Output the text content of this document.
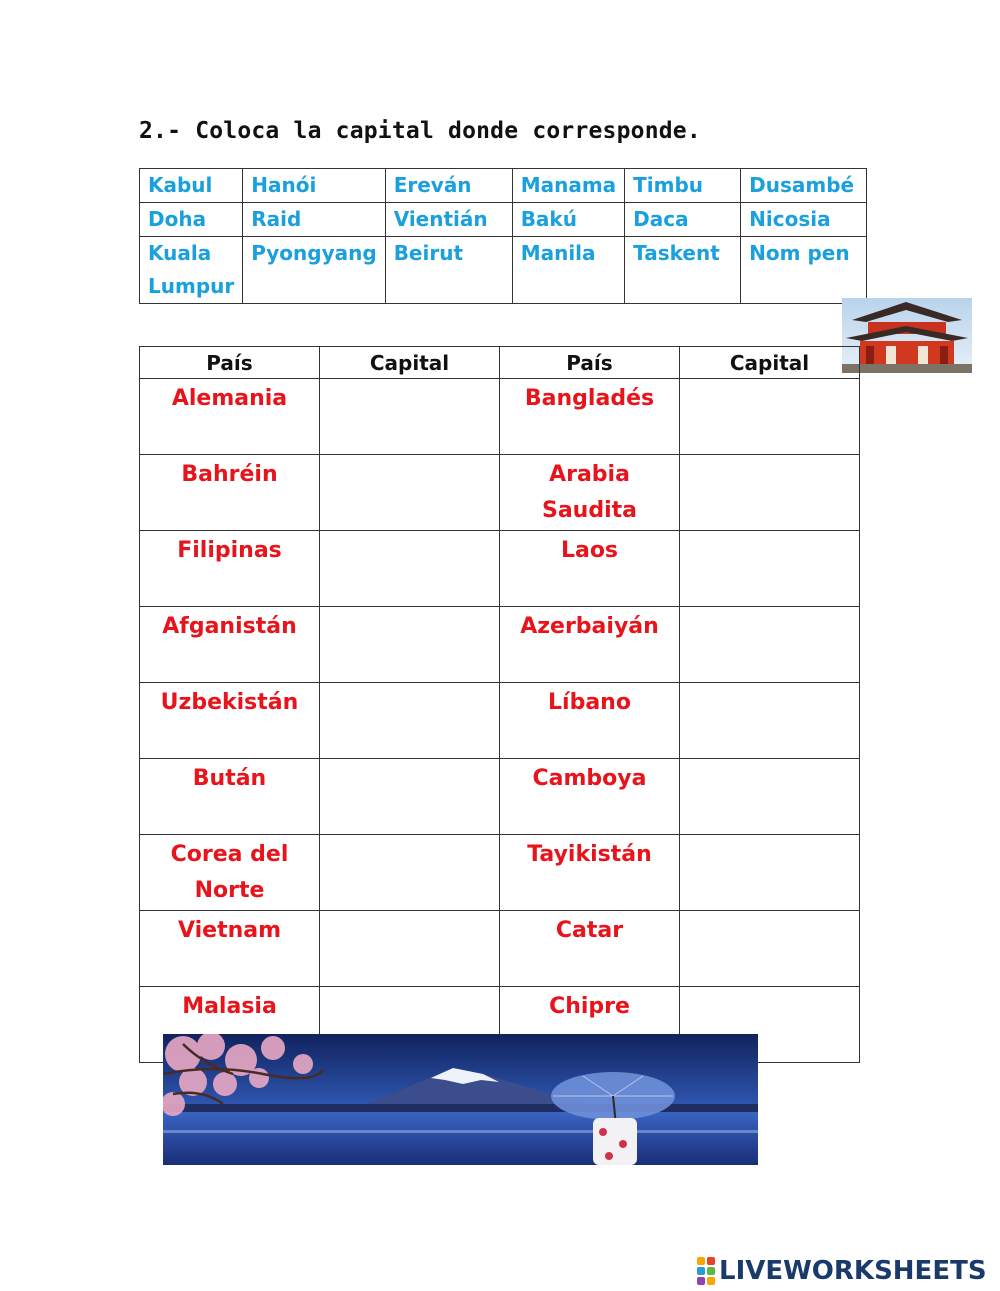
2.- Coloca la capital donde corresponde.
Kabul	Hanói	Ereván	Manama	Timbu	Dusambé
Doha	Raid	Vientián	Bakú	Daca	Nicosia
Kuala Lumpur	Pyongyang	Beirut	Manila	Taskent	Nom pen
País	Capital	País	Capital
Alemania		Bangladés	
Bahréin		Arabia Saudita	
Filipinas		Laos	
Afganistán		Azerbaiyán	
Uzbekistán		Líbano	
Bután		Camboya	
Corea del Norte		Tayikistán	
Vietnam		Catar	
Malasia		Chipre	
LIVEWORKSHEETS
